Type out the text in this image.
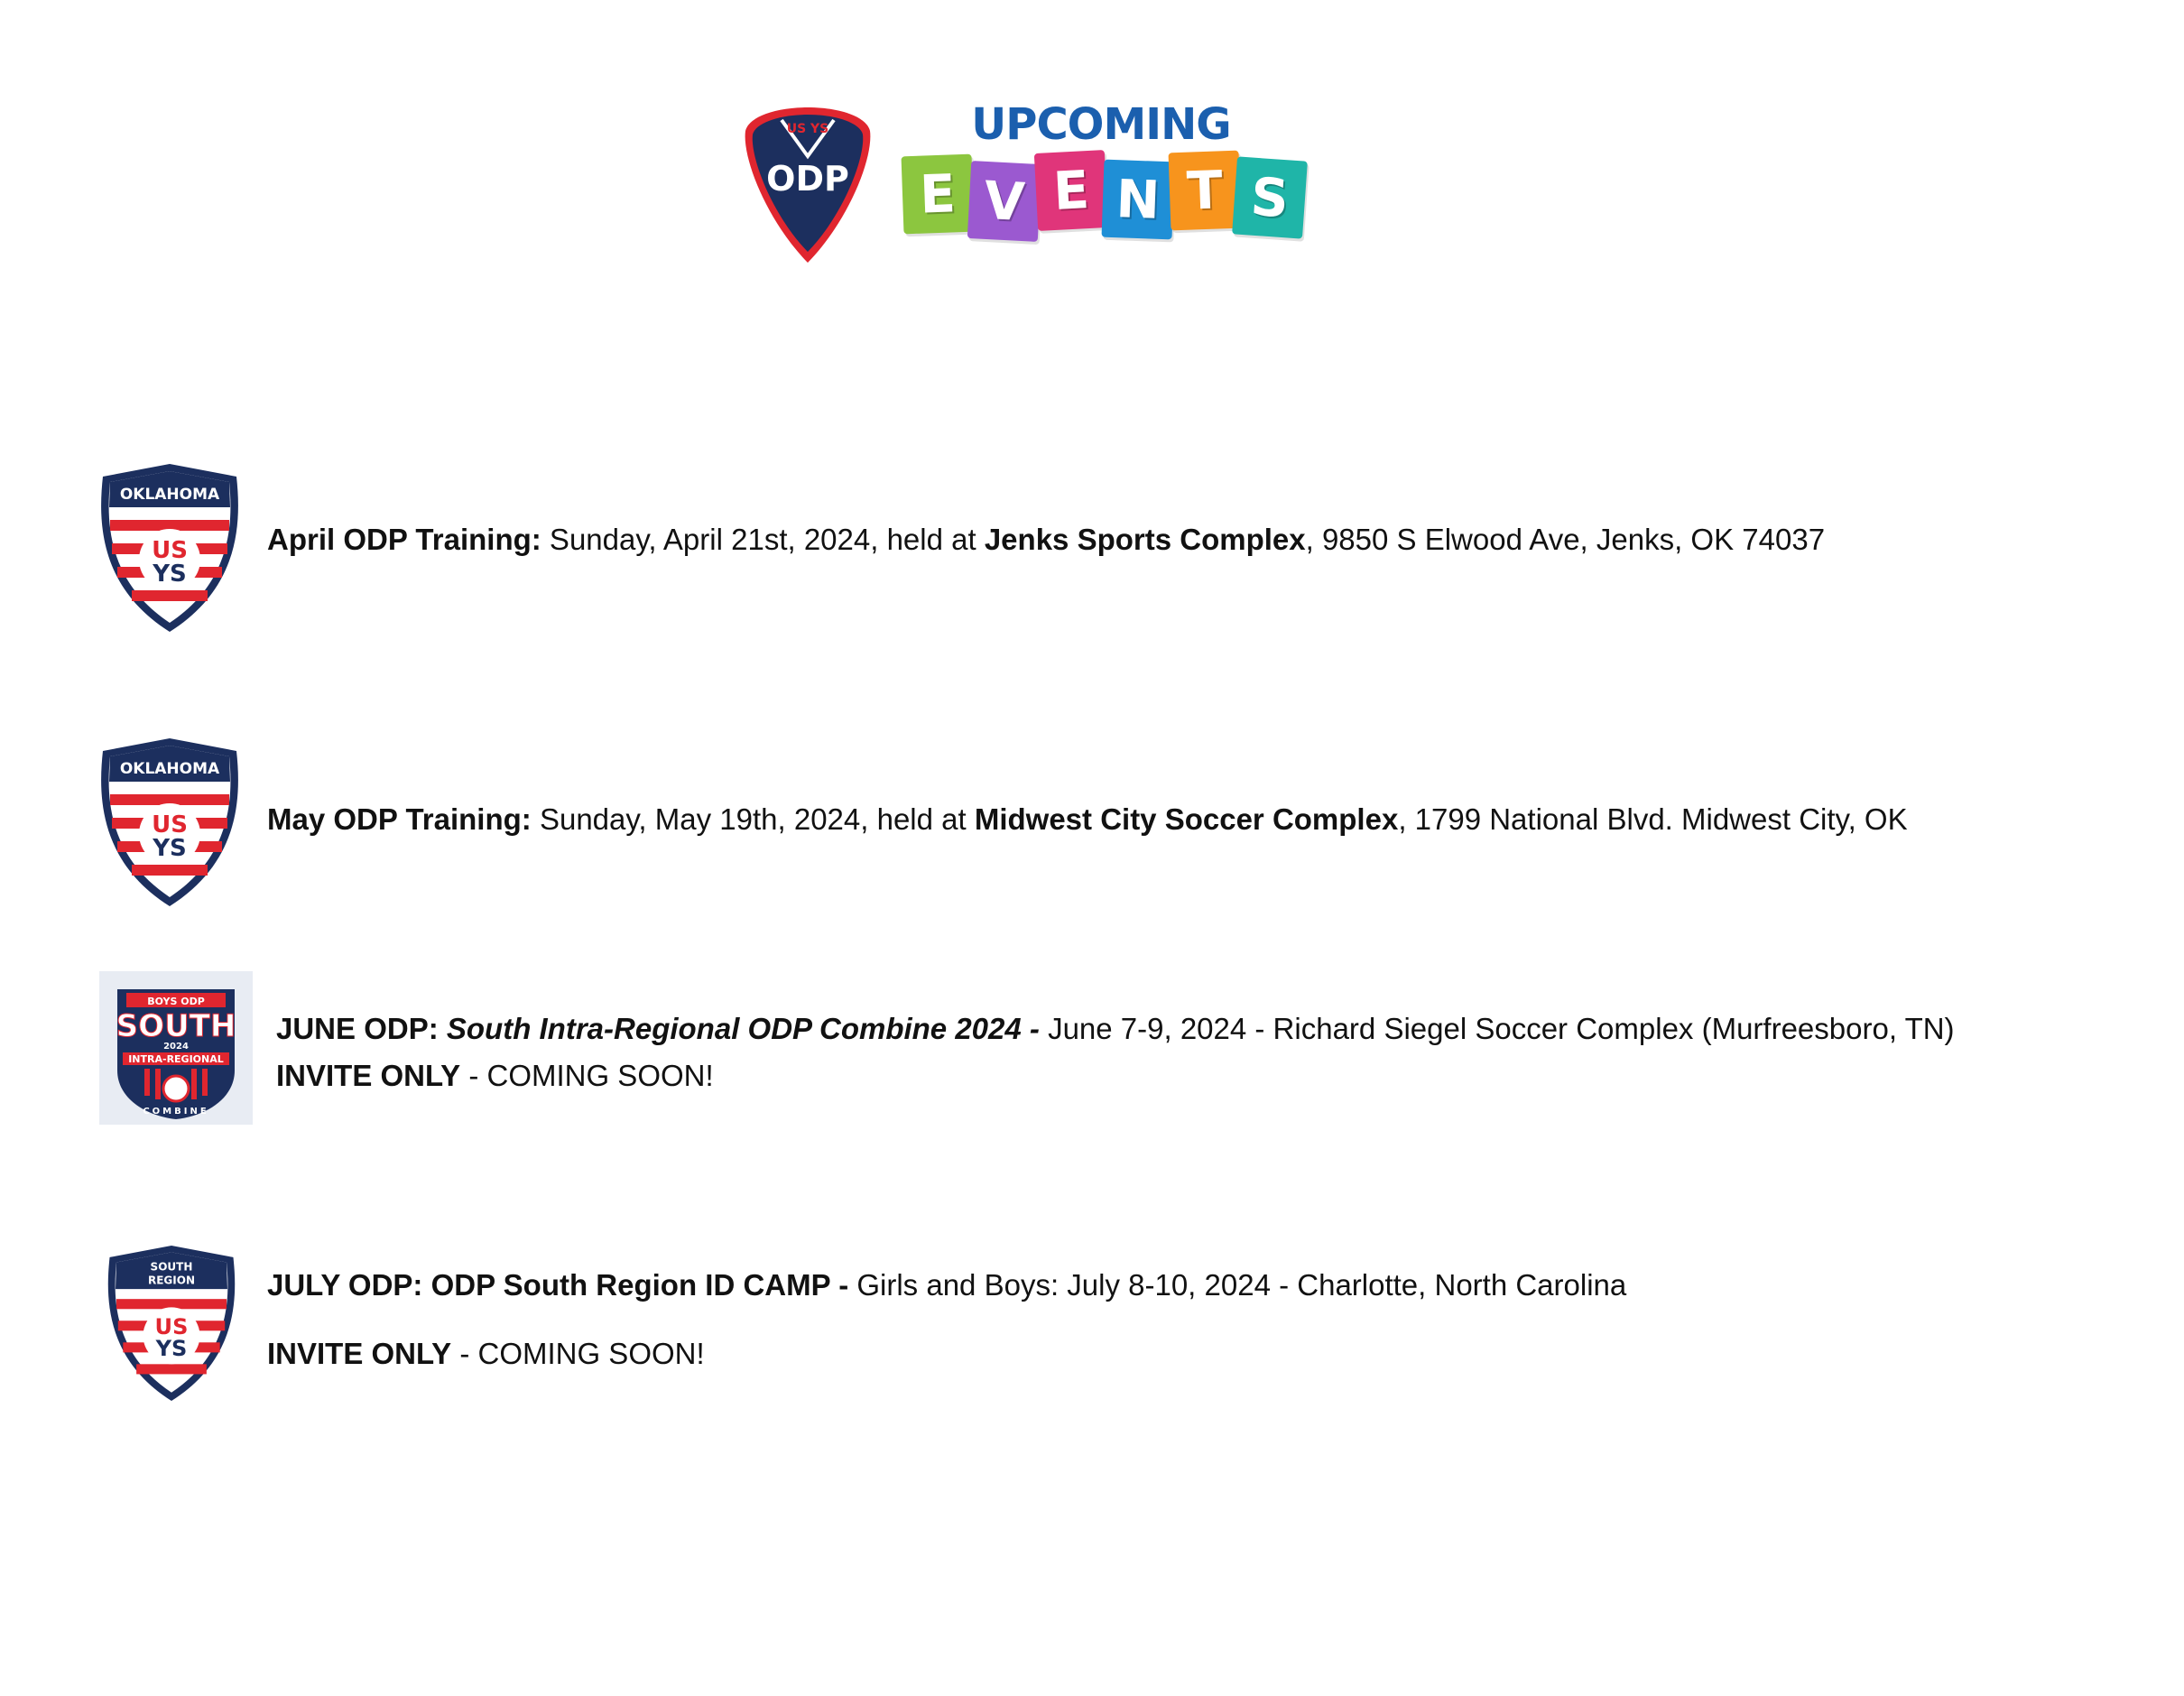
US YS
ODP
UPCOMING
E V E N T S
OKLAHOMA
US
YS
April ODP Training: Sunday, April 21st, 2024, held at Jenks Sports Complex, 9850 S Elwood Ave, Jenks, OK 74037
OKLAHOMA
US
YS
May ODP Training: Sunday, May 19th, 2024, held at Midwest City Soccer Complex, 1799 National Blvd. Midwest City, OK
BOYS ODP
SOUTH
2024
INTRA-REGIONAL
COMBINE
JUNE ODP: South Intra-Regional ODP Combine 2024 - June 7-9, 2024 - Richard Siegel Soccer Complex (Murfreesboro, TN)
INVITE ONLY - COMING SOON!
SOUTH
REGION
US
YS
JULY ODP: ODP South Region ID CAMP - Girls and Boys: July 8-10, 2024 - Charlotte, North Carolina
INVITE ONLY - COMING SOON!
